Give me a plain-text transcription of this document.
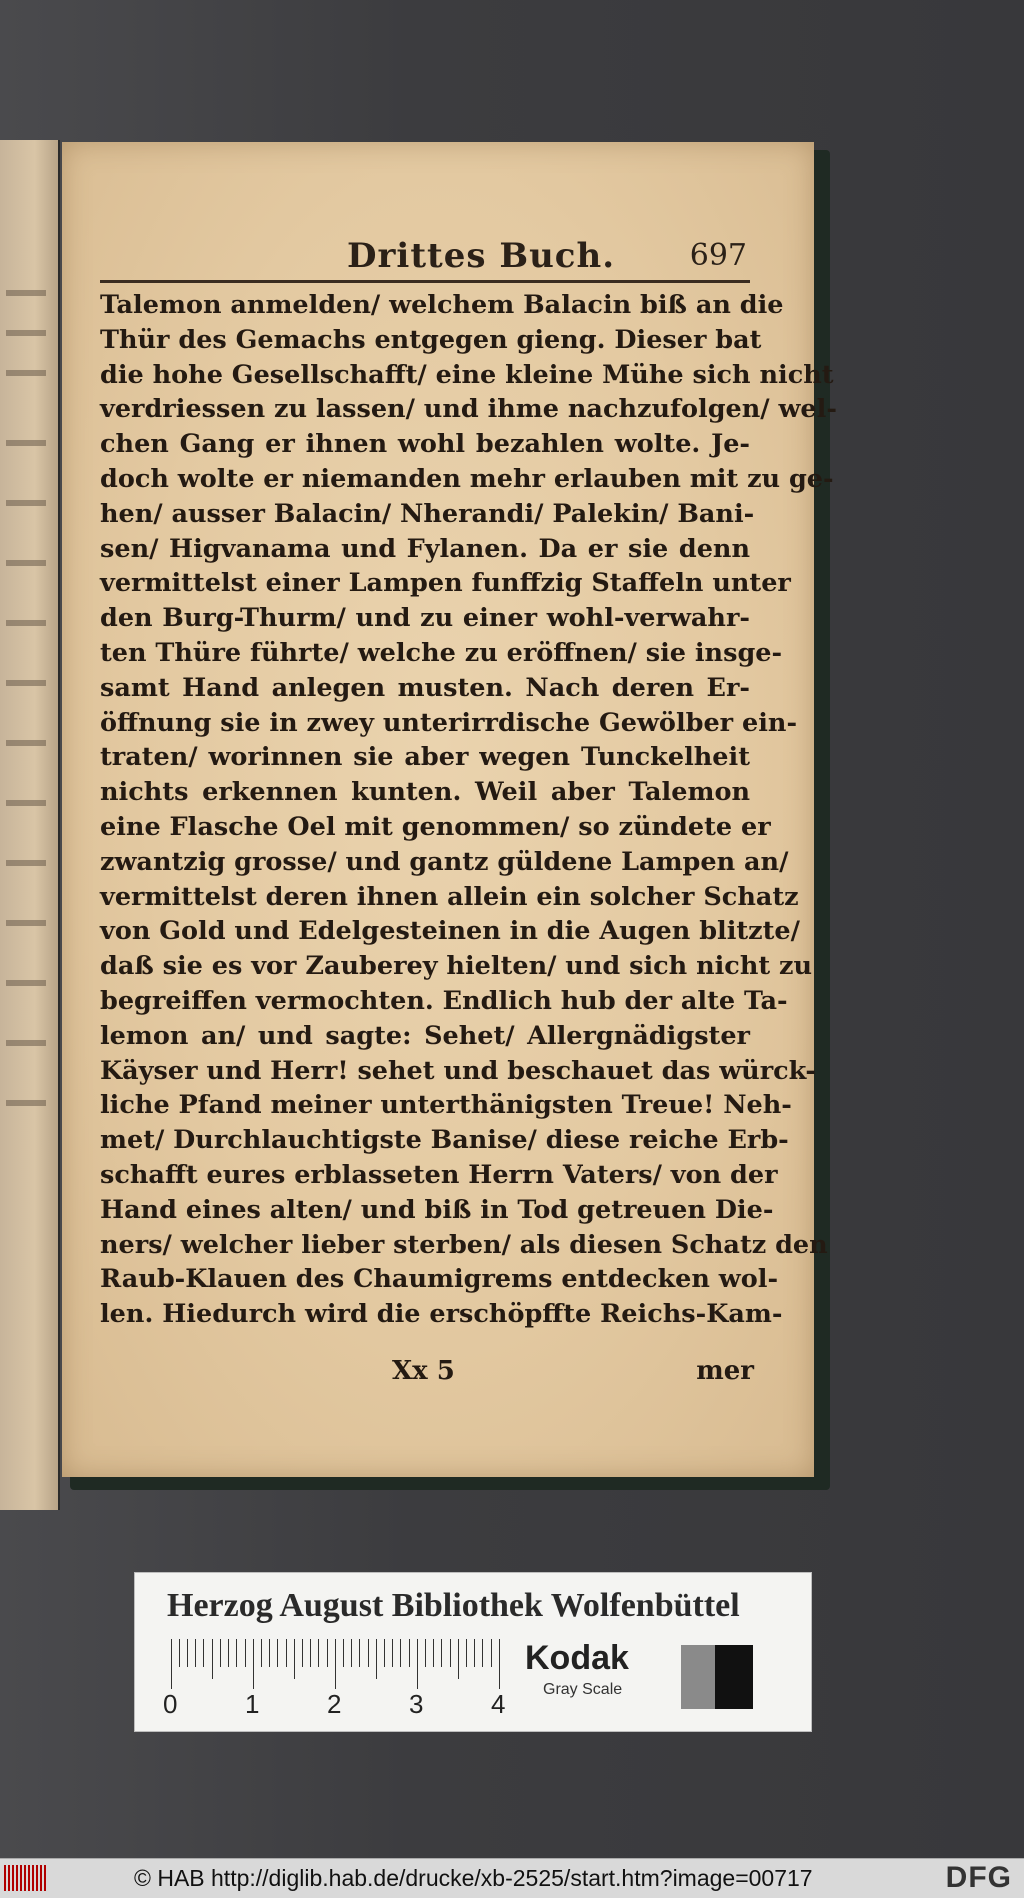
Drittes Buch. 697
Talemon anmelden/ welchem Balacin biß an die
Thür des Gemachs entgegen gieng. Dieser bat
die hohe Gesellschafft/ eine kleine Mühe sich nicht
verdriessen zu lassen/ und ihme nachzufolgen/ wel-
chen Gang er ihnen wohl bezahlen wolte. Je-
doch wolte er niemanden mehr erlauben mit zu ge-
hen/ ausser Balacin/ Nherandi/ Palekin/ Bani-
sen/ Higvanama und Fylanen. Da er sie denn
vermittelst einer Lampen funffzig Staffeln unter
den Burg-Thurm/ und zu einer wohl-verwahr-
ten Thüre führte/ welche zu eröffnen/ sie insge-
samt Hand anlegen musten. Nach deren Er-
öffnung sie in zwey unterirrdische Gewölber ein-
traten/ worinnen sie aber wegen Tunckelheit
nichts erkennen kunten. Weil aber Talemon
eine Flasche Oel mit genommen/ so zündete er
zwantzig grosse/ und gantz güldene Lampen an/
vermittelst deren ihnen allein ein solcher Schatz
von Gold und Edelgesteinen in die Augen blitzte/
daß sie es vor Zauberey hielten/ und sich nicht zu
begreiffen vermochten. Endlich hub der alte Ta-
lemon an/ und sagte: Sehet/ Allergnädigster
Käyser und Herr! sehet und beschauet das würck-
liche Pfand meiner unterthänigsten Treue! Neh-
met/ Durchlauchtigste Banise/ diese reiche Erb-
schafft eures erblasseten Herrn Vaters/ von der
Hand eines alten/ und biß in Tod getreuen Die-
ners/ welcher lieber sterben/ als diesen Schatz den
Raub-Klauen des Chaumigrems entdecken wol-
len. Hiedurch wird die erschöpffte Reichs-Kam-
Xx 5	mer
Herzog August Bibliothek Wolfenbüttel
0	1	2	3	4
Kodak
Gray Scale
© HAB http://diglib.hab.de/drucke/xb-2525/start.htm?image=00717	DFG
